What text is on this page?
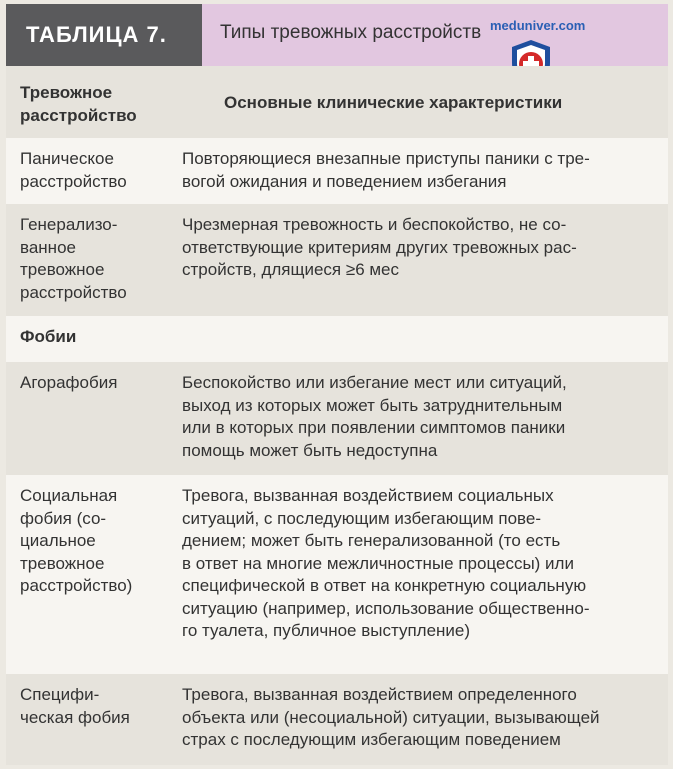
ТАБЛИЦА 7.	Типы тревожных расстройств meduniver.com
Тревожное
расстройство
Основные клинические характеристики
Паническое
расстройство
Повторяющиеся внезапные приступы паники с тре-
вогой ожидания и поведением избегания
Генерализо-
ванное
тревожное
расстройство
Чрезмерная тревожность и беспокойство, не со-
ответствующие критериям других тревожных рас-
стройств, длящиеся ≥6 мес
Фобии
Агорафобия	Беспокойство или избегание мест или ситуаций,
выход из которых может быть затруднительным
или в которых при появлении симптомов паники
помощь может быть недоступна
Социальная
фобия (со-
циальное
тревожное
расстройство)
Тревога, вызванная воздействием социальных
ситуаций, с последующим избегающим пове-
дением; может быть генерализованной (то есть
в ответ на многие межличностные процессы) или
специфической в ответ на конкретную социальную
ситуацию (например, использование общественно-
го туалета, публичное выступление)
Специфи-
ческая фобия
Тревога, вызванная воздействием определенного
объекта или (несоциальной) ситуации, вызывающей
страх с последующим избегающим поведением
